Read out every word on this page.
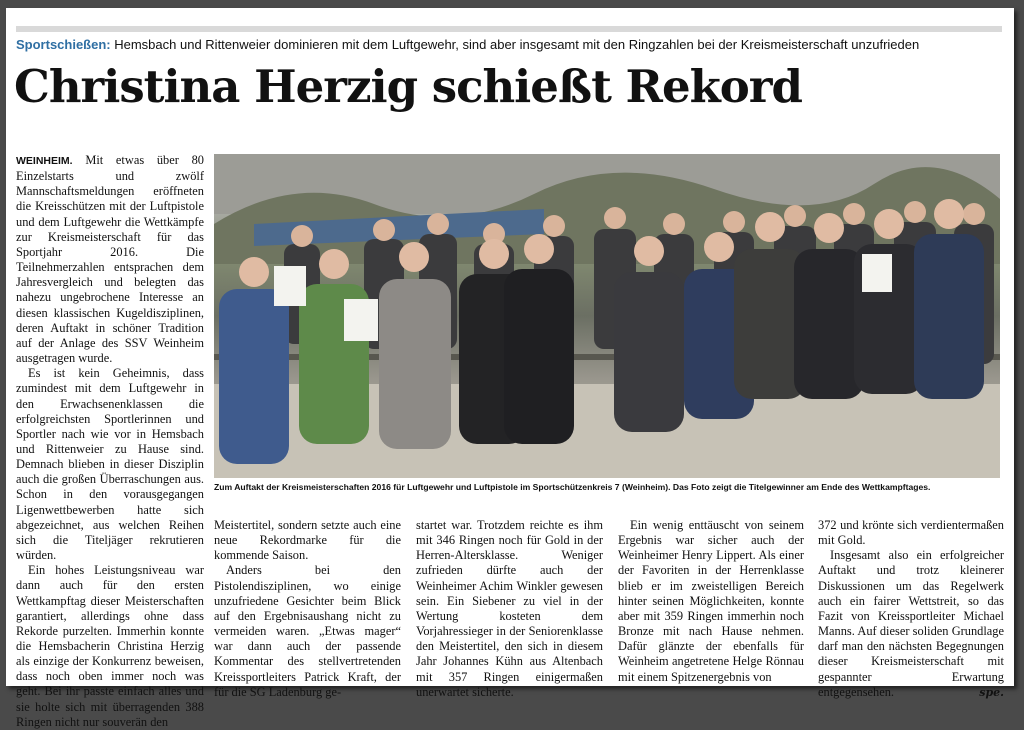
Sportschießen: Hemsbach und Rittenweier dominieren mit dem Luftgewehr, sind aber insgesamt mit den Ringzahlen bei der Kreismeisterschaft unzufrieden
Christina Herzig schießt Rekord

WEINHEIM. Mit etwas über 80 Einzelstarts und zwölf Mannschaftsmeldungen eröffneten die Kreisschützen mit der Luftpistole und dem Luftgewehr die Wettkämpfe zur Kreismeisterschaft für das Sportjahr 2016. Die Teilnehmerzahlen entsprachen dem Jahresvergleich und belegten das nahezu ungebrochene Interesse an diesen klassischen Kugeldisziplinen, deren Auftakt in schöner Tradition auf der Anlage des SSV Weinheim ausgetragen wurde.

Es ist kein Geheimnis, dass zumindest mit dem Luftgewehr in den Erwachsenenklassen die erfolgreichsten Sportlerinnen und Sportler nach wie vor in Hemsbach und Rittenweier zu Hause sind. Demnach blieben in dieser Disziplin auch die großen Überraschungen aus. Schon in den vorausgegangen Ligenwettbewerben hatte sich abgezeichnet, aus welchen Reihen sich die Titeljäger rekrutieren würden.

Ein hohes Leistungsniveau war dann auch für den ersten Wettkampftag dieser Meisterschaften garantiert, allerdings ohne dass Rekorde purzelten. Immerhin konnte die Hemsbacherin Christina Herzig als einzige der Konkurrenz beweisen, dass noch oben immer noch was geht. Bei ihr passte einfach alles und sie holte sich mit überragenden 388 Ringen nicht nur souverän den

Zum Auftakt der Kreismeisterschaften 2016 für Luftgewehr und Luftpistole im Sportschützenkreis 7 (Weinheim). Das Foto zeigt die Titelgewinner am Ende des Wettkampftages.

Meistertitel, sondern setzte auch eine neue Rekordmarke für die kommende Saison.

Anders bei den Pistolendisziplinen, wo einige unzufriedene Gesichter beim Blick auf den Ergebnisaushang nicht zu vermeiden waren. „Etwas mager“ war dann auch der passende Kommentar des stellvertretenden Kreissportleiters Patrick Kraft, der für die SG Ladenburg ge-

startet war. Trotzdem reichte es ihm mit 346 Ringen noch für Gold in der Herren-Altersklasse. Weniger zufrieden dürfte auch der Weinheimer Achim Winkler gewesen sein. Ein Siebener zu viel in der Wertung kosteten dem Vorjahressieger in der Seniorenklasse den Meistertitel, den sich in diesem Jahr Johannes Kühn aus Altenbach mit 357 Ringen einigermaßen unerwartet sicherte.

Ein wenig enttäuscht von seinem Ergebnis war sicher auch der Weinheimer Henry Lippert. Als einer der Favoriten in der Herrenklasse blieb er im zweistelligen Bereich hinter seinen Möglichkeiten, konnte aber mit 359 Ringen immerhin noch Bronze mit nach Hause nehmen. Dafür glänzte der ebenfalls für Weinheim angetretene Helge Rönnau mit einem Spitzenergebnis von

372 und krönte sich verdientermaßen mit Gold.

Insgesamt also ein erfolgreicher Auftakt und trotz kleinerer Diskussionen um das Regelwerk auch ein fairer Wettstreit, so das Fazit von Kreissportleiter Michael Manns. Auf dieser soliden Grundlage darf man den nächsten Begegnungen dieser Kreismeisterschaft mit gespannter Erwartung entgegensehen.	spe.
